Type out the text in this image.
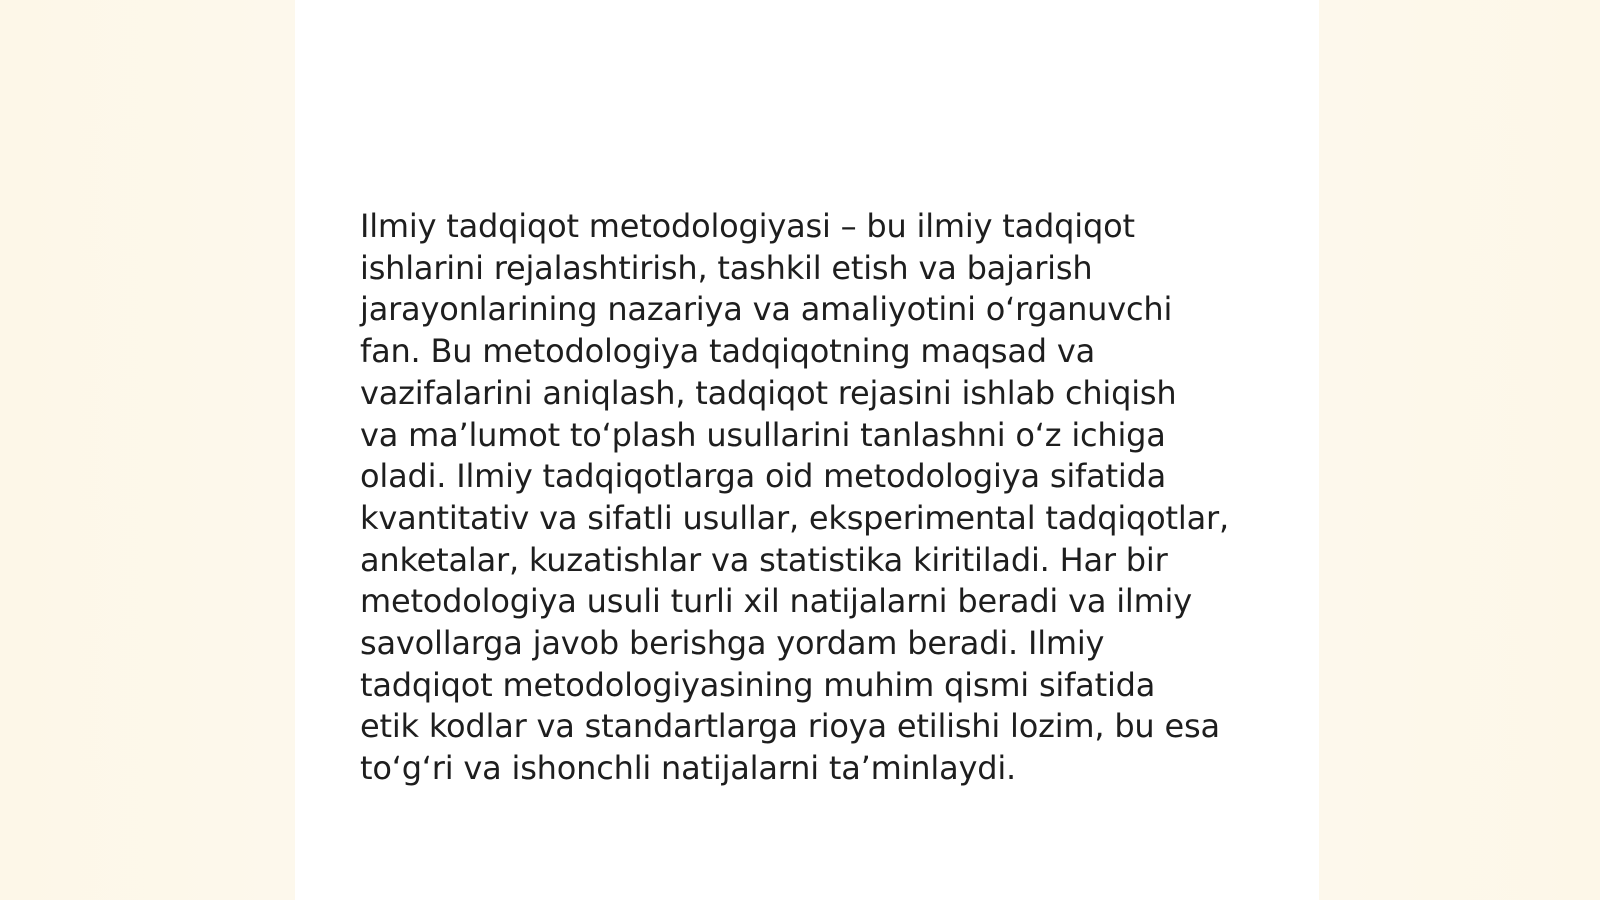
Ilmiy tadqiqot metodologiyasi – bu ilmiy tadqiqot
ishlarini rejalashtirish, tashkil etish va bajarish
jarayonlarining nazariya va amaliyotini oʻrganuvchi
fan. Bu metodologiya tadqiqotning maqsad va
vazifalarini aniqlash, tadqiqot rejasini ishlab chiqish
va maʼlumot toʻplash usullarini tanlashni oʻz ichiga
oladi. Ilmiy tadqiqotlarga oid metodologiya sifatida
kvantitativ va sifatli usullar, eksperimental tadqiqotlar,
anketalar, kuzatishlar va statistika kiritiladi. Har bir
metodologiya usuli turli xil natijalarni beradi va ilmiy
savollarga javob berishga yordam beradi. Ilmiy
tadqiqot metodologiyasining muhim qismi sifatida
etik kodlar va standartlarga rioya etilishi lozim, bu esa
toʻgʻri va ishonchli natijalarni taʼminlaydi.
